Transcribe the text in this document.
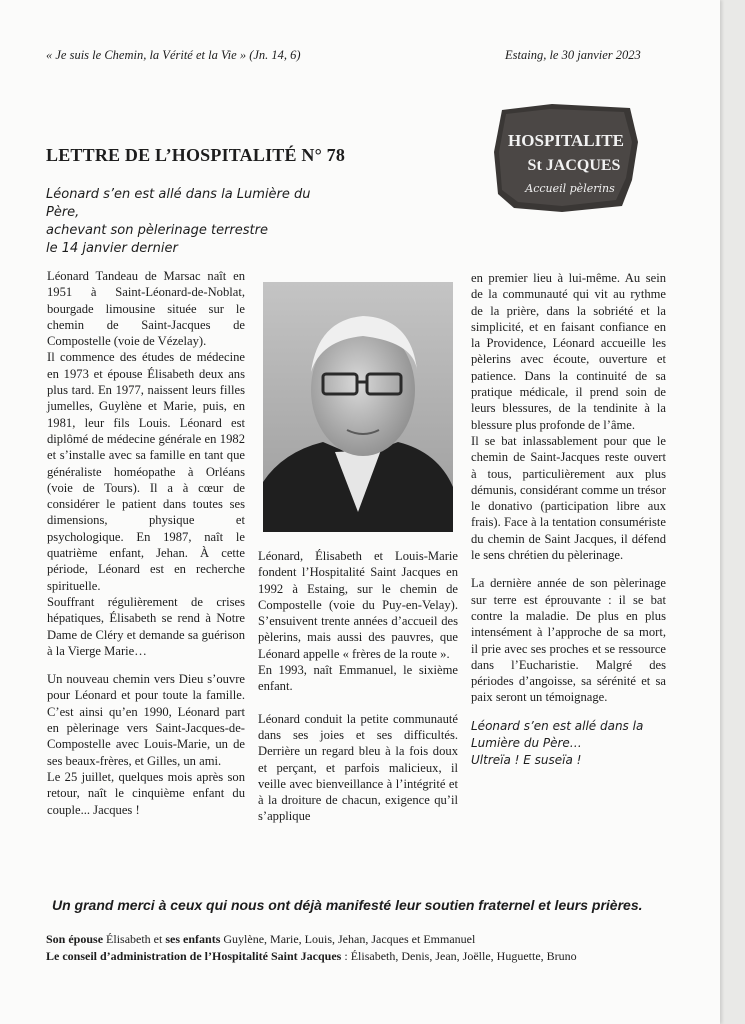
« Je suis le Chemin, la Vérité et la Vie » (Jn. 14, 6)	Estaing, le 30 janvier 2023
HOSPITALITE
St JACQUES
Accueil pèlerins
LETTRE DE L’HOSPITALITÉ N° 78
Léonard s’en est allé dans la Lumière du Père,
achevant son pèlerinage terrestre
le 14 janvier dernier

Léonard Tandeau de Marsac naît en 1951 à Saint-Léonard-de-Noblat, bourgade limousine située sur le chemin de Saint-Jacques de Compostelle (voie de Vézelay).

Il commence des études de médecine en 1973 et épouse Élisabeth deux ans plus tard. En 1977, naissent leurs filles jumelles, Guylène et Marie, puis, en 1981, leur fils Louis. Léonard est diplômé de médecine générale en 1982 et s’installe avec sa famille en tant que généraliste homéopathe à Orléans (voie de Tours). Il a à cœur de considérer le patient dans toutes ses dimensions, physique et psychologique. En 1987, naît le quatrième enfant, Jehan. À cette période, Léonard est en recherche spirituelle.

Souffrant régulièrement de crises hépatiques, Élisabeth se rend à Notre Dame de Cléry et demande sa guérison à la Vierge Marie…

Un nouveau chemin vers Dieu s’ouvre pour Léonard et pour toute la famille. C’est ainsi qu’en 1990, Léonard part en pèlerinage vers Saint-Jacques-de-Compostelle avec Louis-Marie, un de ses beaux-frères, et Gilles, un ami.

Le 25 juillet, quelques mois après son retour, naît le cinquième enfant du couple... Jacques !

Léonard, Élisabeth et Louis-Marie fondent l’Hospitalité Saint Jacques en 1992 à Estaing, sur le chemin de Compostelle (voie du Puy-en-Velay). S’ensuivent trente années d’accueil des pèlerins, mais aussi des pauvres, que Léonard appelle « frères de la route ».

En 1993, naît Emmanuel, le sixième enfant.

Léonard conduit la petite communauté dans ses joies et ses difficultés. Derrière un regard bleu à la fois doux et perçant, et parfois malicieux, il veille avec bienveillance à l’intégrité et à la droiture de chacun, exigence qu’il s’applique

en premier lieu à lui-même. Au sein de la communauté qui vit au rythme de la prière, dans la sobriété et la simplicité, et en faisant confiance en la Providence, Léonard accueille les pèlerins avec écoute, ouverture et patience. Dans la continuité de sa pratique médicale, il prend soin de leurs blessures, de la tendinite à la blessure plus profonde de l’âme.

Il se bat inlassablement pour que le chemin de Saint-Jacques reste ouvert à tous, particulièrement aux plus démunis, considérant comme un trésor le donativo (participation libre aux frais). Face à la tentation consumériste du chemin de Saint Jacques, il défend le sens chrétien du pèlerinage.

La dernière année de son pèlerinage sur terre est éprouvante : il se bat contre la maladie. De plus en plus intensément à l’approche de sa mort, il prie avec ses proches et se ressource dans l’Eucharistie. Malgré des périodes d’angoisse, sa sérénité et sa paix seront un témoignage.

Léonard s’en est allé dans la Lumière du Père…
Ultreïa ! E suseïa !
Un grand merci à ceux qui nous ont déjà manifesté leur soutien fraternel et leurs prières.
Son épouse Élisabeth et ses enfants Guylène, Marie, Louis, Jehan, Jacques et Emmanuel
Le conseil d’administration de l’Hospitalité Saint Jacques : Élisabeth, Denis, Jean, Joëlle, Huguette, Bruno
